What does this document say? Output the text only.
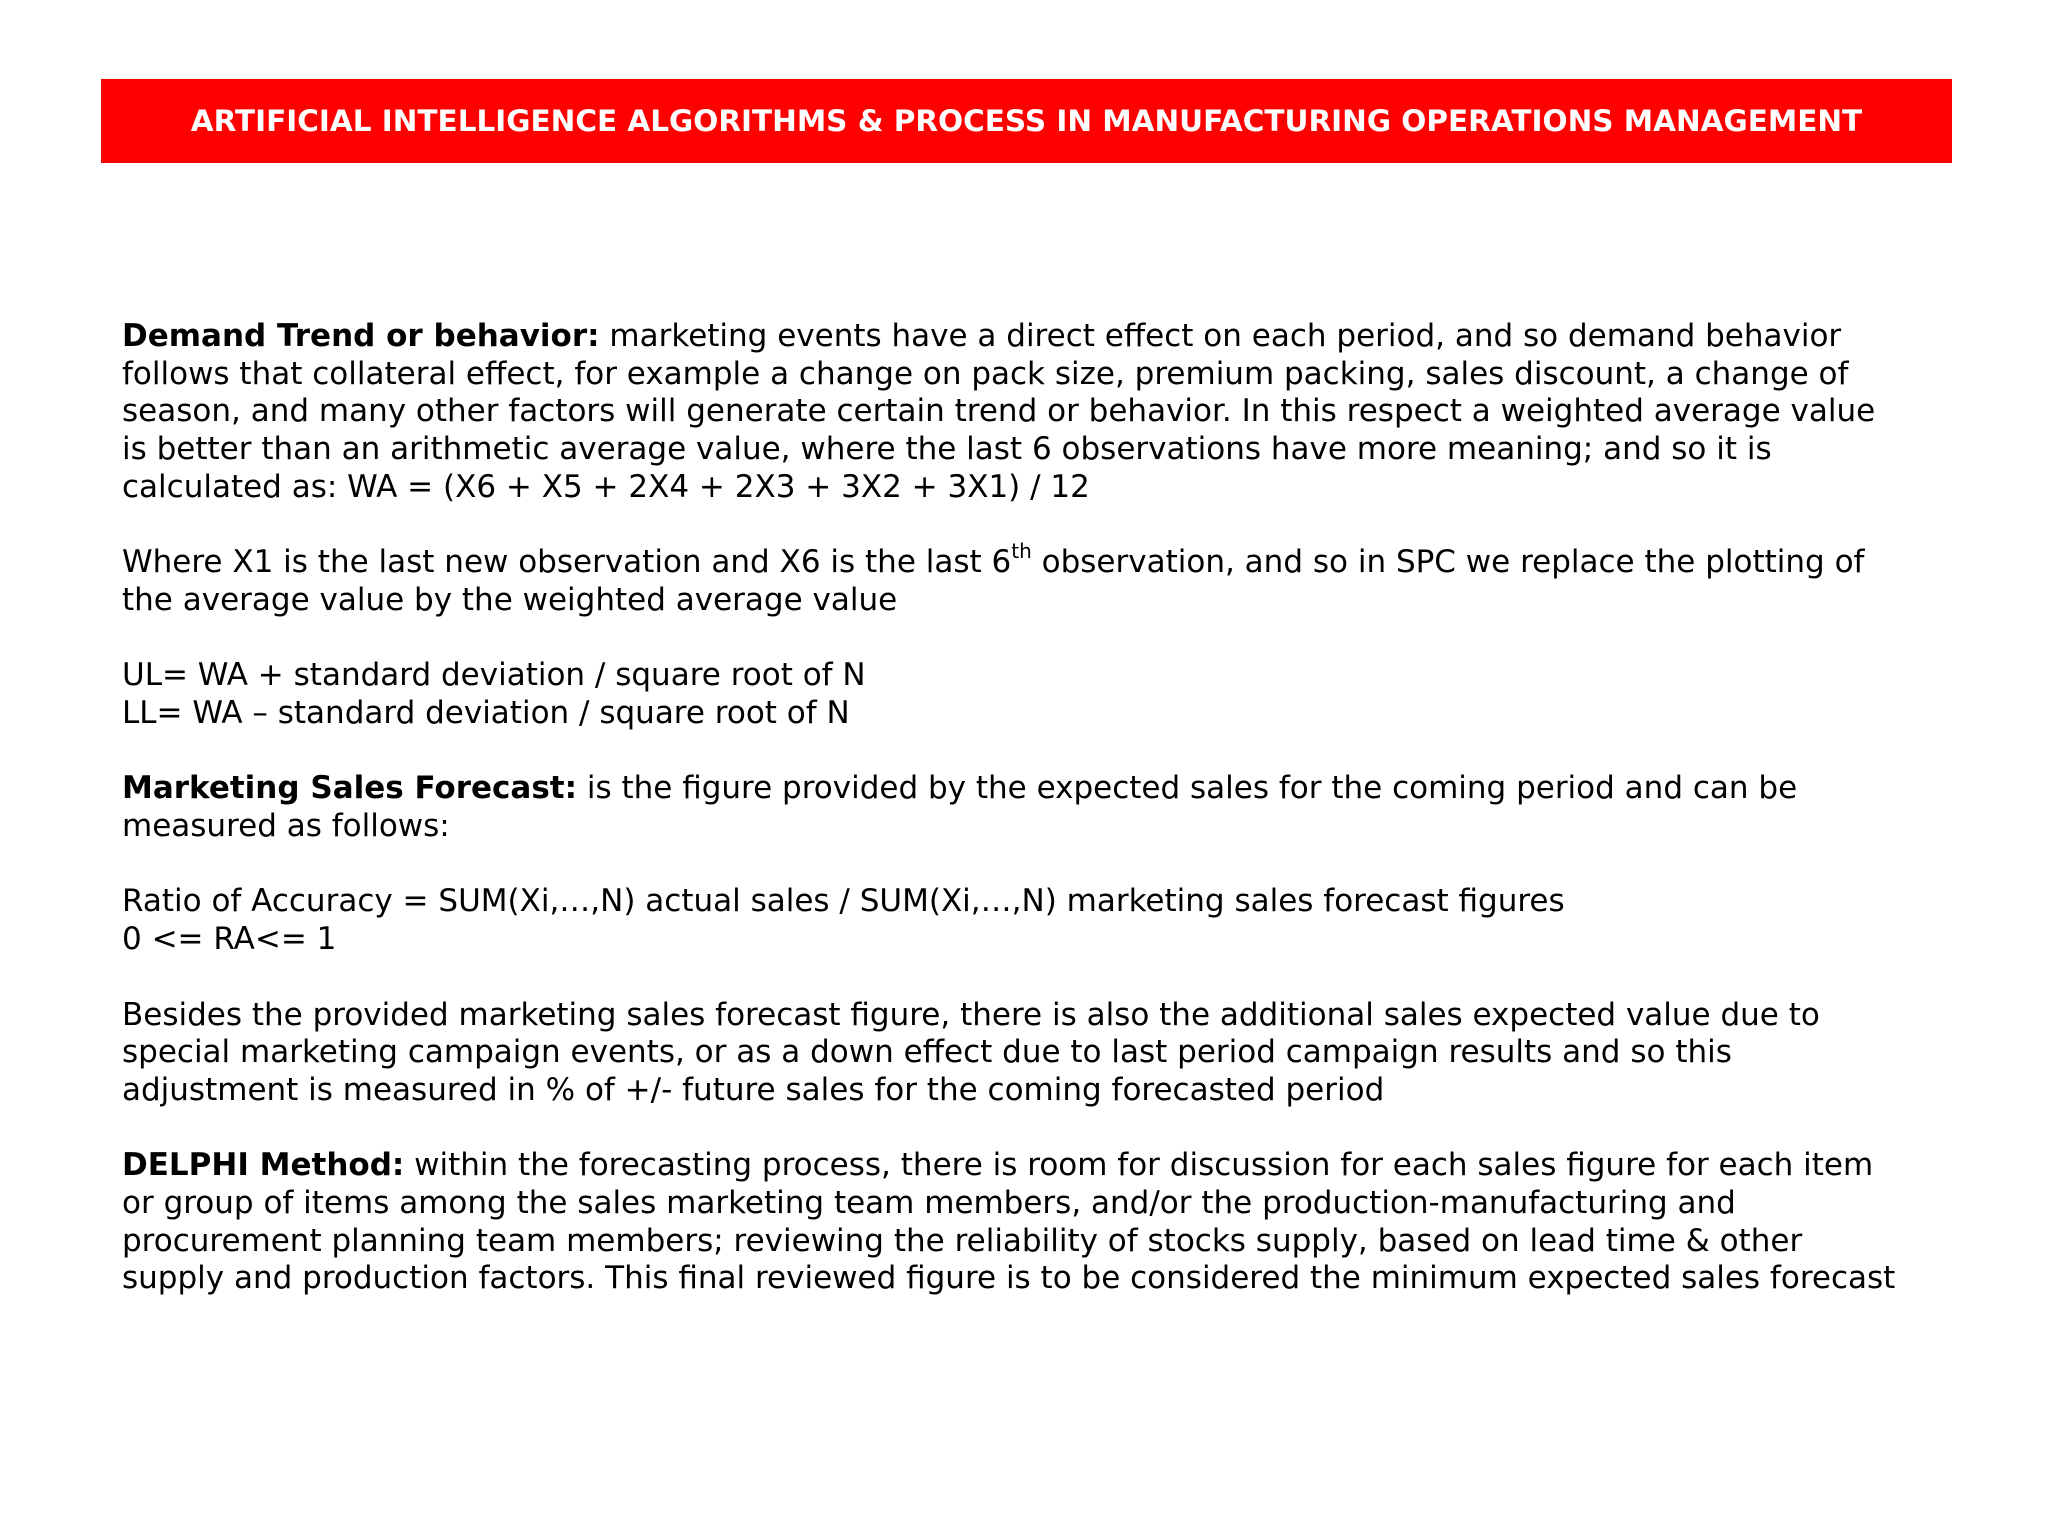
ARTIFICIAL INTELLIGENCE ALGORITHMS & PROCESS IN MANUFACTURING OPERATIONS MANAGEMENT
Demand Trend or behavior: marketing events have a direct effect on each period, and so demand behavior
follows that collateral effect, for example a change on pack size, premium packing, sales discount, a change of
season, and many other factors will generate certain trend or behavior. In this respect a weighted average value
is better than an arithmetic average value, where the last 6 observations have more meaning; and so it is
calculated as: WA = (X6 + X5 + 2X4 + 2X3 + 3X2 + 3X1) / 12
Where X1 is the last new observation and X6 is the last 6th observation, and so in SPC we replace the plotting of
the average value by the weighted average value
UL= WA + standard deviation / square root of N
LL= WA – standard deviation / square root of N
Marketing Sales Forecast: is the figure provided by the expected sales for the coming period and can be
measured as follows:
Ratio of Accuracy = SUM(Xi,…,N) actual sales / SUM(Xi,…,N) marketing sales forecast figures
0 <= RA<= 1
Besides the provided marketing sales forecast figure, there is also the additional sales expected value due to
special marketing campaign events, or as a down effect due to last period campaign results and so this
adjustment is measured in % of +/- future sales for the coming forecasted period
DELPHI Method: within the forecasting process, there is room for discussion for each sales figure for each item
or group of items among the sales marketing team members, and/or the production-manufacturing and
procurement planning team members; reviewing the reliability of stocks supply, based on lead time & other
supply and production factors. This final reviewed figure is to be considered the minimum expected sales forecast
